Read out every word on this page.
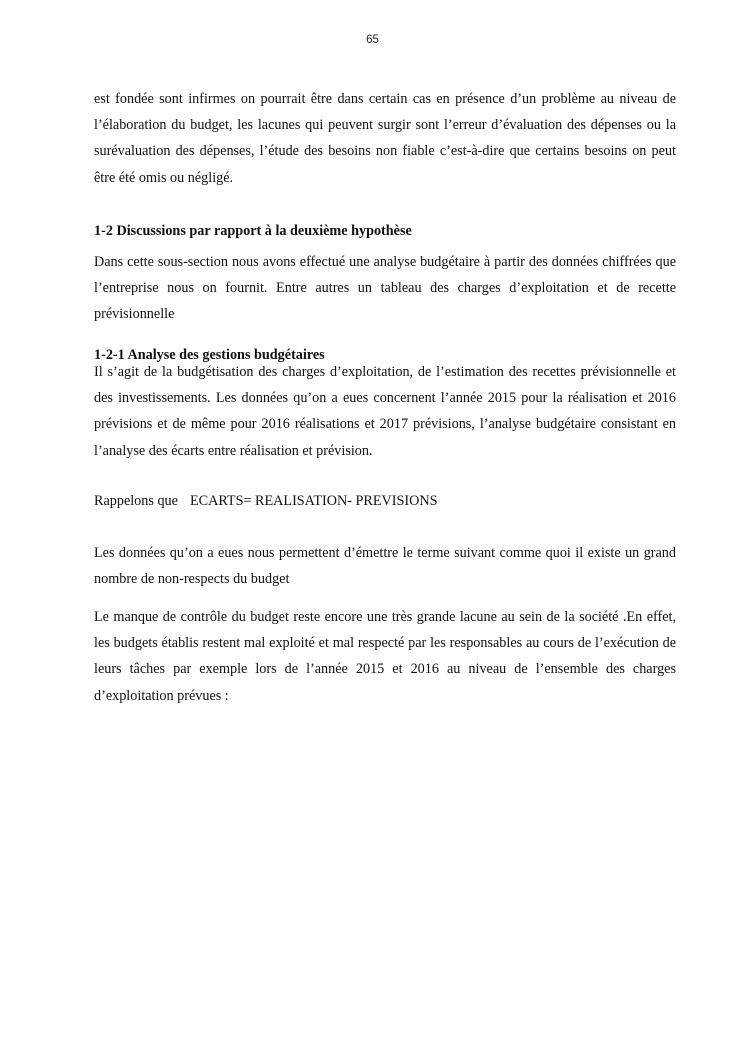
65

est fondée sont infirmes on pourrait être dans certain cas en présence d’un problème au niveau de l’élaboration du budget, les lacunes qui peuvent surgir sont l’erreur d’évaluation des dépenses ou la surévaluation des dépenses, l’étude des besoins non fiable c’est-à-dire que certains besoins on peut être été omis ou négligé.

1-2 Discussions par rapport à la deuxième hypothèse

Dans cette sous-section nous avons effectué une analyse budgétaire à partir des données chiffrées que l’entreprise nous on fournit. Entre autres un tableau des charges d’exploitation et de recette prévisionnelle

1-2-1 Analyse des gestions budgétaires

Il s’agit de la budgétisation des charges d’exploitation, de l’estimation des recettes prévisionnelle et des investissements. Les données qu’on a eues concernent l’année 2015 pour la réalisation et 2016 prévisions et de même pour 2016 réalisations et 2017 prévisions, l’analyse budgétaire consistant en l’analyse des écarts entre réalisation et prévision.

Rappelons que ECARTS= REALISATION- PREVISIONS

Les données qu’on a eues nous permettent d’émettre le terme suivant comme quoi il existe un grand nombre de non-respects du budget

Le manque de contrôle du budget reste encore une très grande lacune au sein de la société .En effet, les budgets établis restent mal exploité et mal respecté par les responsables au cours de l’exécution de leurs tâches par exemple lors de l’année 2015 et 2016 au niveau de l’ensemble des charges d’exploitation prévues :
